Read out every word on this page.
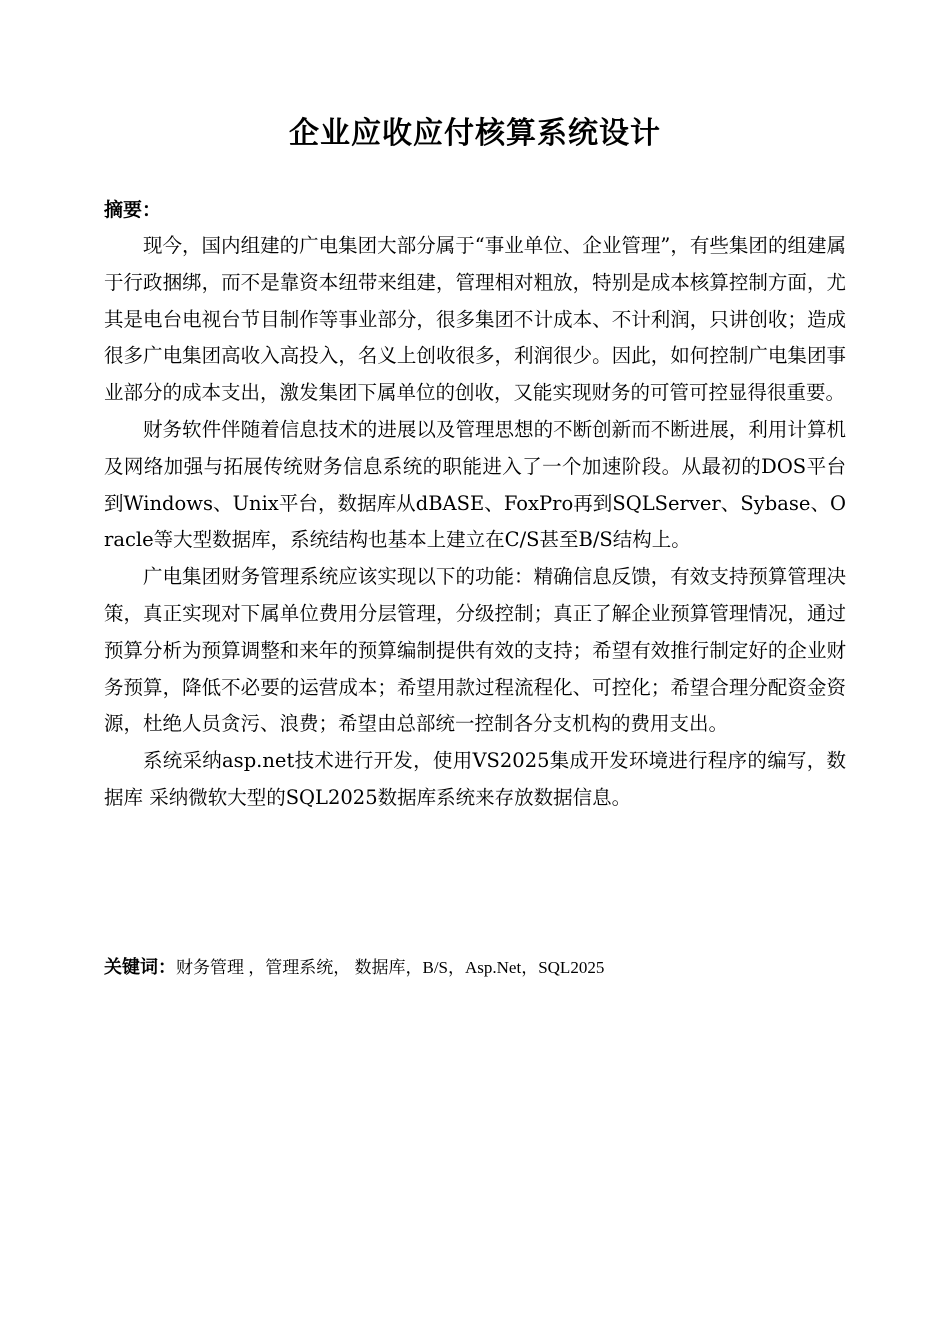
企业应收应付核算系统设计
摘要：

现今，国内组建的广电集团大部分属于“事业单位、企业管理”，有些集团的组建属于行政捆绑，而不是靠资本纽带来组建，管理相对粗放，特别是成本核算控制方面，尤其是电台电视台节目制作等事业部分，很多集团不计成本、不计利润，只讲创收；造成很多广电集团高收入高投入，名义上创收很多，利润很少。因此，如何控制广电集团事业部分的成本支出，激发集团下属单位的创收，又能实现财务的可管可控显得很重要。

财务软件伴随着信息技术的进展以及管理思想的不断创新而不断进展，利用计算机及网络加强与拓展传统财务信息系统的职能进入了一个加速阶段。从最初的DOS平台到Windows、Unix平台，数据库从dBASE、FoxPro再到SQLServer、Sybase、Oracle等大型数据库，系统结构也基本上建立在C/S甚至B/S结构上。

广电集团财务管理系统应该实现以下的功能：精确信息反馈，有效支持预算管理决策，真正实现对下属单位费用分层管理，分级控制；真正了解企业预算管理情况，通过预算分析为预算调整和来年的预算编制提供有效的支持；希望有效推行制定好的企业财务预算，降低不必要的运营成本；希望用款过程流程化、可控化；希望合理分配资金资源，杜绝人员贪污、浪费；希望由总部统一控制各分支机构的费用支出。

系统采纳asp.net技术进行开发，使用VS2025集成开发环境进行程序的编写，数据库 采纳微软大型的SQL2025数据库系统来存放数据信息。

关键词：财务管理 ，管理系统， 数据库，B/S，Asp.Net，SQL2025
